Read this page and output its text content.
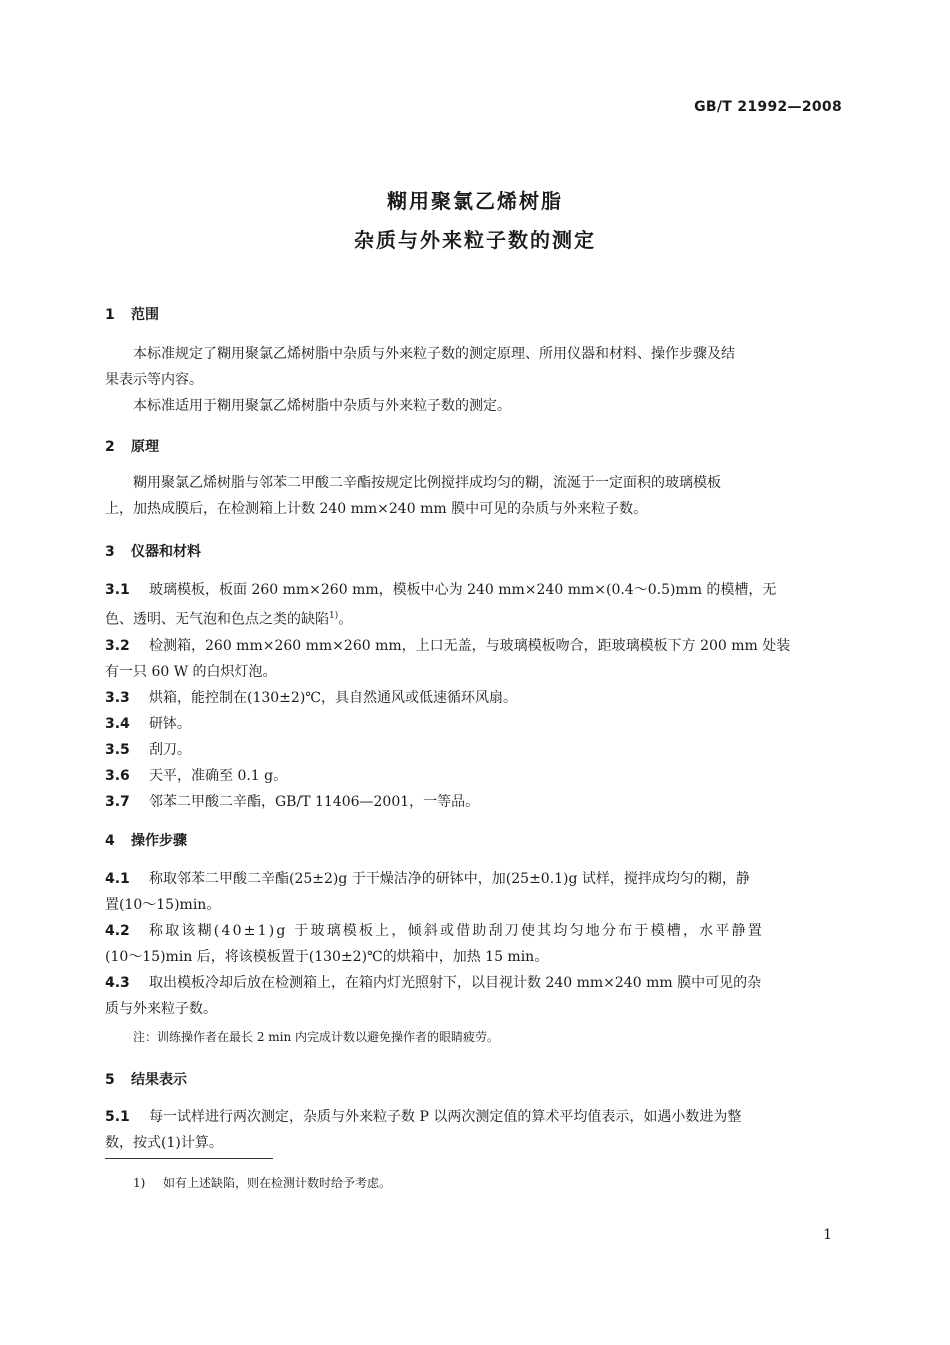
GB/T 21992—2008
糊用聚氯乙烯树脂
杂质与外来粒子数的测定
1 范围
本标准规定了糊用聚氯乙烯树脂中杂质与外来粒子数的测定原理、所用仪器和材料、操作步骤及结
果表示等内容。
本标准适用于糊用聚氯乙烯树脂中杂质与外来粒子数的测定。
2 原理
糊用聚氯乙烯树脂与邻苯二甲酸二辛酯按规定比例搅拌成均匀的糊，流涎于一定面积的玻璃模板
上，加热成膜后，在检测箱上计数 240 mm×240 mm 膜中可见的杂质与外来粒子数。
3 仪器和材料
3.1 玻璃模板，板面 260 mm×260 mm，模板中心为 240 mm×240 mm×(0.4～0.5)mm 的模槽，无
色、透明、无气泡和色点之类的缺陷$^{1)}$。
3.2 检测箱，260 mm×260 mm×260 mm，上口无盖，与玻璃模板吻合，距玻璃模板下方 200 mm 处装
有一只 60 W 的白炽灯泡。
3.3 烘箱，能控制在(130±2)℃，具自然通风或低速循环风扇。
3.4 研钵。
3.5 刮刀。
3.6 天平，准确至 0.1 g。
3.7 邻苯二甲酸二辛酯，GB/T 11406—2001，一等品。
4 操作步骤
4.1 称取邻苯二甲酸二辛酯(25±2)g 于干燥洁净的研钵中，加(25±0.1)g 试样，搅拌成均匀的糊，静
置(10～15)min。
4.2 称取该糊(40±1)g 于玻璃模板上，倾斜或借助刮刀使其均匀地分布于模槽，水平静置
(10～15)min 后，将该模板置于(130±2)℃的烘箱中，加热 15 min。
4.3 取出模板冷却后放在检测箱上，在箱内灯光照射下，以目视计数 240 mm×240 mm 膜中可见的杂
质与外来粒子数。
注：训练操作者在最长 2 min 内完成计数以避免操作者的眼睛疲劳。
5 结果表示
5.1 每一试样进行两次测定，杂质与外来粒子数 P 以两次测定值的算术平均值表示，如遇小数进为整
数，按式(1)计算。
1) 如有上述缺陷，则在检测计数时给予考虑。
1
